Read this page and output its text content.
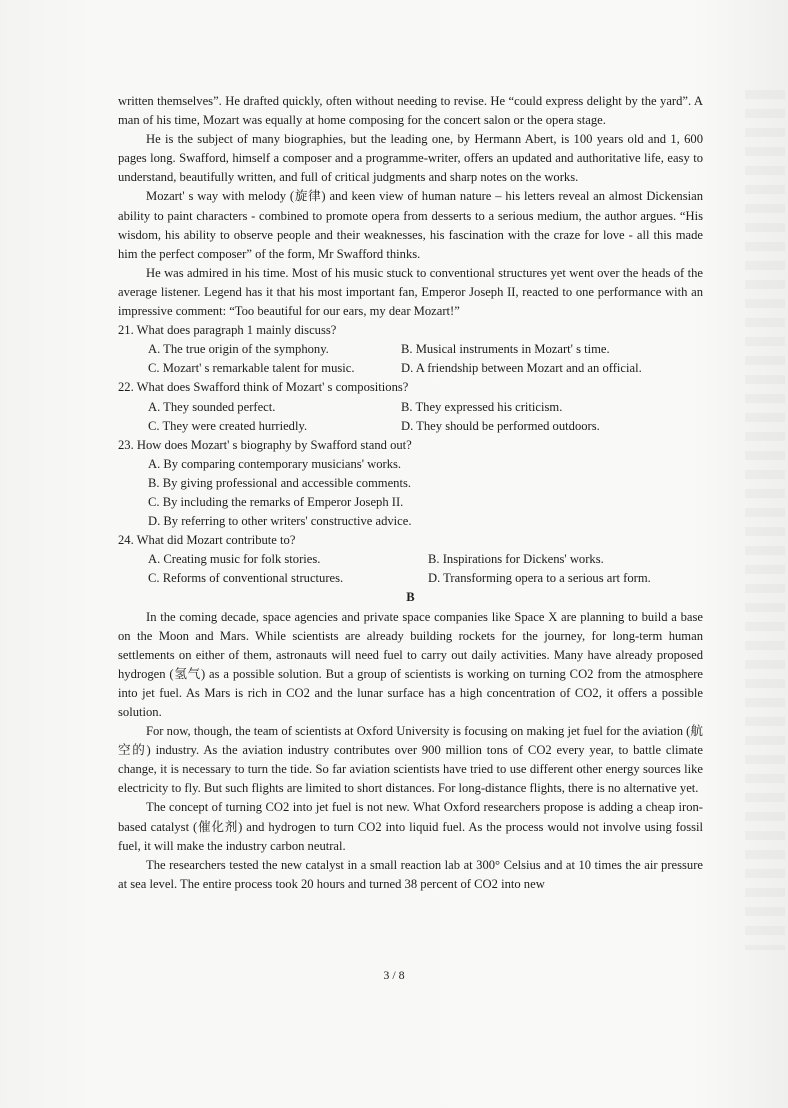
written themselves”. He drafted quickly, often without needing to revise. He “could express delight by the yard”. A man of his time, Mozart was equally at home composing for the concert salon or the opera stage.

He is the subject of many biographies, but the leading one, by Hermann Abert, is 100 years old and 1, 600 pages long. Swafford, himself a composer and a programme-writer, offers an updated and authoritative life, easy to understand, beautifully written, and full of critical judgments and sharp notes on the works.

Mozart' s way with melody (旋律) and keen view of human nature – his letters reveal an almost Dickensian ability to paint characters - combined to promote opera from desserts to a serious medium, the author argues. “His wisdom, his ability to observe people and their weaknesses, his fascination with the craze for love - all this made him the perfect composer” of the form, Mr Swafford thinks.

He was admired in his time. Most of his music stuck to conventional structures yet went over the heads of the average listener. Legend has it that his most important fan, Emperor Joseph II, reacted to one performance with an impressive comment: “Too beautiful for our ears, my dear Mozart!”

21. What does paragraph 1 mainly discuss?

A. The true origin of the symphony.	B. Musical instruments in Mozart' s time.
C. Mozart' s remarkable talent for music.	D. A friendship between Mozart and an official.

22. What does Swafford think of Mozart' s compositions?

A. They sounded perfect.	B. They expressed his criticism.
C. They were created hurriedly.	D. They should be performed outdoors.

23. How does Mozart' s biography by Swafford stand out?

A. By comparing contemporary musicians' works.
B. By giving professional and accessible comments.
C. By including the remarks of Emperor Joseph II.
D. By referring to other writers' constructive advice.

24. What did Mozart contribute to?

A. Creating music for folk stories.	B. Inspirations for Dickens' works.
C. Reforms of conventional structures.	D. Transforming opera to a serious art form.

B

In the coming decade, space agencies and private space companies like Space X are planning to build a base on the Moon and Mars. While scientists are already building rockets for the journey, for long-term human settlements on either of them, astronauts will need fuel to carry out daily activities. Many have already proposed hydrogen (氢气) as a possible solution. But a group of scientists is working on turning CO2 from the atmosphere into jet fuel. As Mars is rich in CO2 and the lunar surface has a high concentration of CO2, it offers a possible solution.

For now, though, the team of scientists at Oxford University is focusing on making jet fuel for the aviation (航空的) industry. As the aviation industry contributes over 900 million tons of CO2 every year, to battle climate change, it is necessary to turn the tide. So far aviation scientists have tried to use different other energy sources like electricity to fly. But such flights are limited to short distances. For long-distance flights, there is no alternative yet.

The concept of turning CO2 into jet fuel is not new. What Oxford researchers propose is adding a cheap iron-based catalyst (催化剂) and hydrogen to turn CO2 into liquid fuel. As the process would not involve using fossil fuel, it will make the industry carbon neutral.

The researchers tested the new catalyst in a small reaction lab at 300° Celsius and at 10 times the air pressure at sea level. The entire process took 20 hours and turned 38 percent of CO2 into new

3 / 8
